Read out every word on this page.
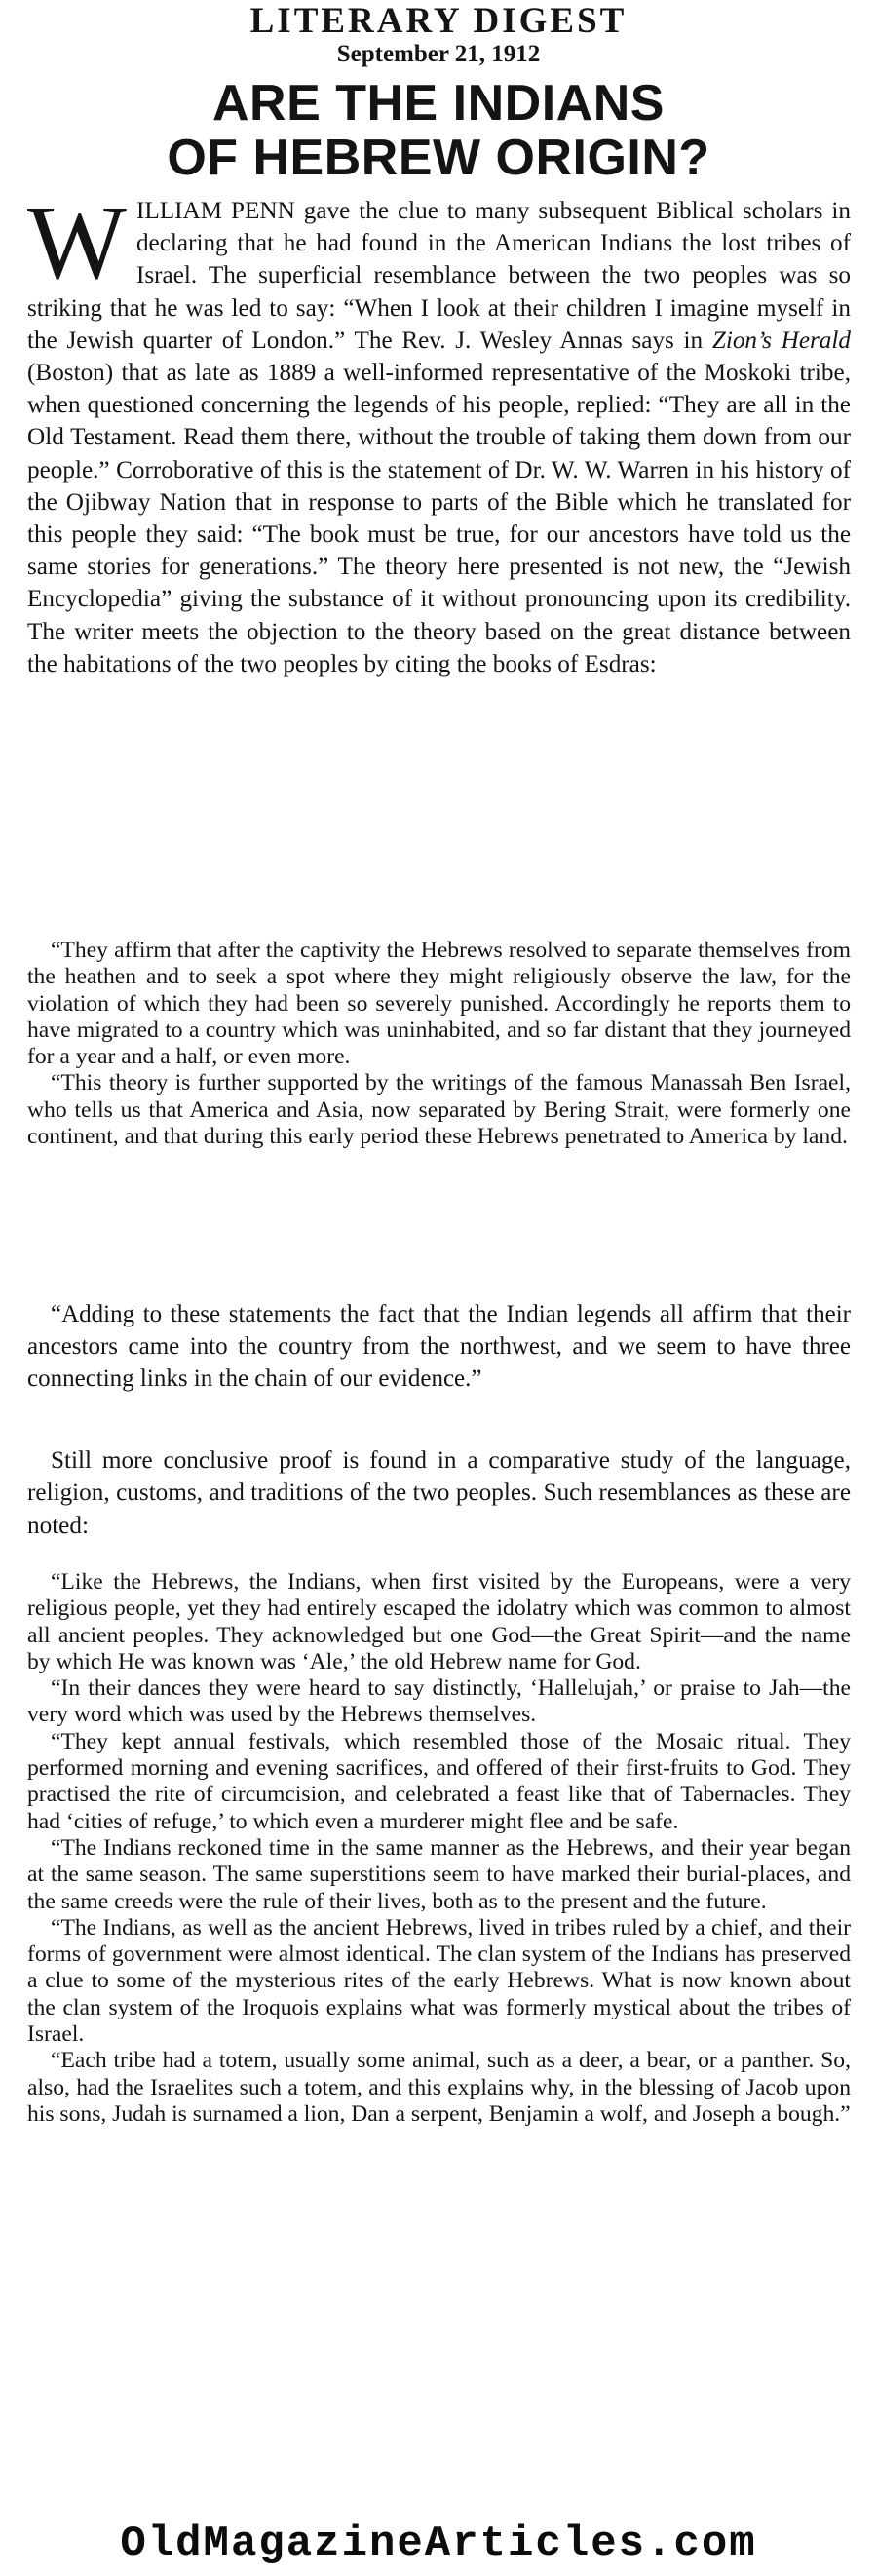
LITERARY DIGEST
September 21, 1912
ARE THE INDIANS
OF HEBREW ORIGIN?
WILLIAM PENN gave the clue to many subsequent Biblical scholars in declaring that he had found in the American Indians the lost tribes of Israel. The superficial resemblance between the two peoples was so striking that he was led to say: “When I look at their children I imagine myself in the Jewish quarter of London.” The Rev. J. Wesley Annas says in Zion’s Herald (Boston) that as late as 1889 a well-informed representative of the Moskoki tribe, when questioned concerning the legends of his people, replied: “They are all in the Old Testament. Read them there, without the trouble of taking them down from our people.” Corroborative of this is the statement of Dr. W. W. Warren in his history of the Ojibway Nation that in response to parts of the Bible which he translated for this people they said: “The book must be true, for our ancestors have told us the same stories for generations.” The theory here presented is not new, the “Jewish Encyclopedia” giving the substance of it without pronouncing upon its credibility. The writer meets the objection to the theory based on the great distance between the habitations of the two peoples by citing the books of Esdras:

“They affirm that after the captivity the Hebrews resolved to separate themselves from the heathen and to seek a spot where they might religiously observe the law, for the violation of which they had been so severely punished. Accordingly he reports them to have migrated to a country which was uninhabited, and so far distant that they journeyed for a year and a half, or even more.

“This theory is further supported by the writings of the famous Manassah Ben Israel, who tells us that America and Asia, now separated by Bering Strait, were formerly one continent, and that during this early period these Hebrews penetrated to America by land.

“Adding to these statements the fact that the Indian legends all affirm that their ancestors came into the country from the northwest, and we seem to have three connecting links in the chain of our evidence.”

Still more conclusive proof is found in a comparative study of the language, religion, customs, and traditions of the two peoples. Such resemblances as these are noted:

“Like the Hebrews, the Indians, when first visited by the Europeans, were a very religious people, yet they had entirely escaped the idolatry which was common to almost all ancient peoples. They acknowledged but one God—the Great Spirit—and the name by which He was known was ‘Ale,’ the old Hebrew name for God.

“In their dances they were heard to say distinctly, ‘Hallelujah,’ or praise to Jah—the very word which was used by the Hebrews themselves.

“They kept annual festivals, which resembled those of the Mosaic ritual. They performed morning and evening sacrifices, and offered of their first-fruits to God. They practised the rite of circumcision, and celebrated a feast like that of Tabernacles. They had ‘cities of refuge,’ to which even a murderer might flee and be safe.

“The Indians reckoned time in the same manner as the Hebrews, and their year began at the same season. The same superstitions seem to have marked their burial-places, and the same creeds were the rule of their lives, both as to the present and the future.

“The Indians, as well as the ancient Hebrews, lived in tribes ruled by a chief, and their forms of government were almost identical. The clan system of the Indians has preserved a clue to some of the mysterious rites of the early Hebrews. What is now known about the clan system of the Iroquois explains what was formerly mystical about the tribes of Israel.

“Each tribe had a totem, usually some animal, such as a deer, a bear, or a panther. So, also, had the Israelites such a totem, and this explains why, in the blessing of Jacob upon his sons, Judah is surnamed a lion, Dan a serpent, Benjamin a wolf, and Joseph a bough.”

OldMagazineArticles.com
